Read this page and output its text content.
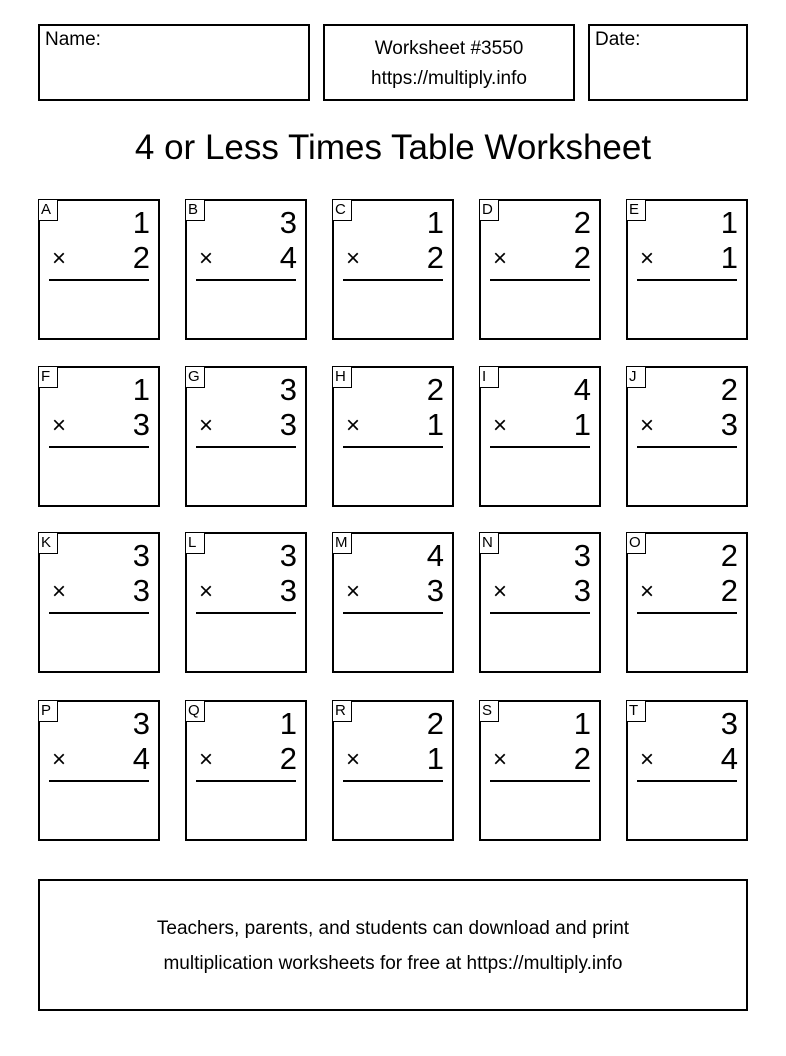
Name:	Worksheet #3550
https://multiply.info
Date:
4 or Less Times Table Worksheet
A	1
× 2
B	3
× 4
C	1
× 2
D	2
× 2
E	1
× 1
F	1
× 3
G	3
× 3
H	2
× 1
I	4
× 1
J	2
× 3
K	3
× 3
L	3
× 3
M	4
× 3
N	3
× 3
O	2
× 2
P	3
× 4
Q	1
× 2
R	2
× 1
S	1
× 2
T	3
× 4
Teachers, parents, and students can download and print
multiplication worksheets for free at https://multiply.info
